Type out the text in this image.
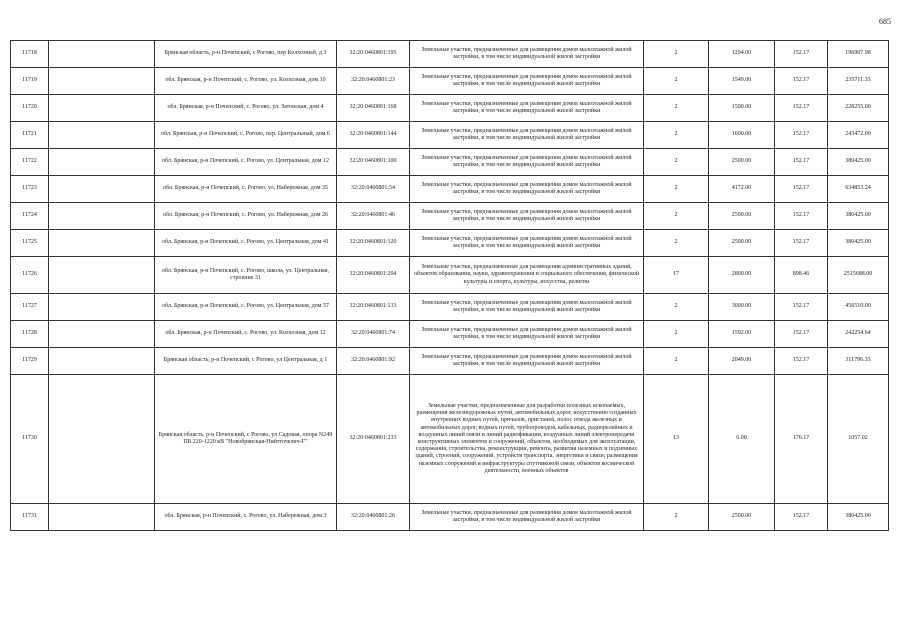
685
11718		Брянская область, р-н Почепский, с Рогово, пер Колхозный, д 3	32:20:0460801:195	Земельные участки, предназначенные для размещения домов малоэтажной жилой застройки, в том числе индивидуальной жилой застройки	2	1294.00	152.17	196907.98
11719		обл. Брянская, р-н Почепский, с. Рогово, ул. Колхозная, дом 10	32:20:0460801:23	Земельные участки, предназначенные для размещения домов малоэтажной жилой застройки, в том числе индивидуальной жилой застройки	2	1549.00	152.17	235711.33
11720		обл. Брянская, р-н Почепский, с. Рогово, ул. Затонская, дом 4	32:20:0460801:168	Земельные участки, предназначенные для размещения домов малоэтажной жилой застройки, в том числе индивидуальной жилой застройки	2	1500.00	152.17	228255.00
11721		обл. Брянская, р-н Почепский, с. Рогово, пер. Центральный, дом 6	32:20:0460801:144	Земельные участки, предназначенные для размещения домов малоэтажной жилой застройки, в том числе индивидуальной жилой застройки	2	1600.00	152.17	243472.00
11722		обл. Брянская, р-н Почепский, с. Рогово, ул. Центральная, дом 12	32:20:0460801:100	Земельные участки, предназначенные для размещения домов малоэтажной жилой застройки, в том числе индивидуальной жилой застройки	2	2500.00	152.17	380425.00
11723		обл. Брянская, р-н Почепский, с. Рогово, ул. Набережная, дом 35	32:20:0460801:54	Земельные участки, предназначенные для размещения домов малоэтажной жилой застройки, в том числе индивидуальной жилой застройки	2	4172.00	152.17	634853.24
11724		обл. Брянская, р-н Почепский, с. Рогово, ул. Набережная, дом 26	32:20:0460801:46	Земельные участки, предназначенные для размещения домов малоэтажной жилой застройки, в том числе индивидуальной жилой застройки	2	2500.00	152.17	380425.00
11725		обл. Брянская, р-н Почепский, с. Рогово, ул. Центральная, дом 41	32:20:0460801:120	Земельные участки, предназначенные для размещения домов малоэтажной жилой застройки, в том числе индивидуальной жилой застройки	2	2500.00	152.17	380425.00
11726		обл. Брянская, р-н Почепский, с. Рогово, школа, ул. Центральная, строение 31	32:20:0460801:204	Земельные участки, предназначенные для размещения административных зданий, объектов образования, науки, здравоохранения и социального обеспечения, физической культуры и спорта, культуры, искусства, религии	17	2800.00	898.46	2515688.00
11727		обл. Брянская, р-н Почепский, с. Рогово, ул. Центральная, дом 57	32:20:0460801:133	Земельные участки, предназначенные для размещения домов малоэтажной жилой застройки, в том числе индивидуальной жилой застройки	2	3000.00	152.17	456510.00
11728		обл. Брянская, р-н Почепский, с. Рогово, ул. Колхозная, дом 12	32:20:0460801:74	Земельные участки, предназначенные для размещения домов малоэтажной жилой застройки, в том числе индивидуальной жилой застройки	2	1592.00	152.17	242254.64
11729		Брянская область, р-н Почепский, с Рогово, ул Центральная, д 1	32:20:0460801:92	Земельные участки, предназначенные для размещения домов малоэтажной жилой застройки, в том числе индивидуальной жилой застройки	2	2049.00	152.17	311796.33
11730		Брянская область, р-н Почепский, с Рогово, ул Садовая, опора N249 ПБ 220-1220 кВ "Новобрянская-Нийтгочелич-Г"	32:20:0460801:233	Земельные участки, предназначенные для разработки полезных ископаемых, размещения железнодорожных путей, автомобильных дорог, искусственно созданных внутренних водных путей, причалов, пристаней, полос отвода железных и автомобильных дорог, водных путей, трубопроводов, кабельных, радиорелейных и воздушных линий связи и линий радиофикации, воздушных линий электропередачи конструктивных элементов и сооружений, объектов, необходимых для эксплуатации, содержания, строительства, реконструкции, ремонта, развития наземных и подземных зданий, строений, сооружений, устройств транспорта, энергетики и связи; размещения наземных сооружений и инфраструктуры спутниковой связи, объектов космической деятельности, военных объектов	13	6.00	176.17	1057.02
11731		обл. Брянская, р-н Почепский, с. Рогово, ул. Набережная, дом 3	32:20:0460801:26	Земельные участки, предназначенные для размещения домов малоэтажной жилой застройки, в том числе индивидуальной жилой застройки	2	2500.00	152.17	380425.00
